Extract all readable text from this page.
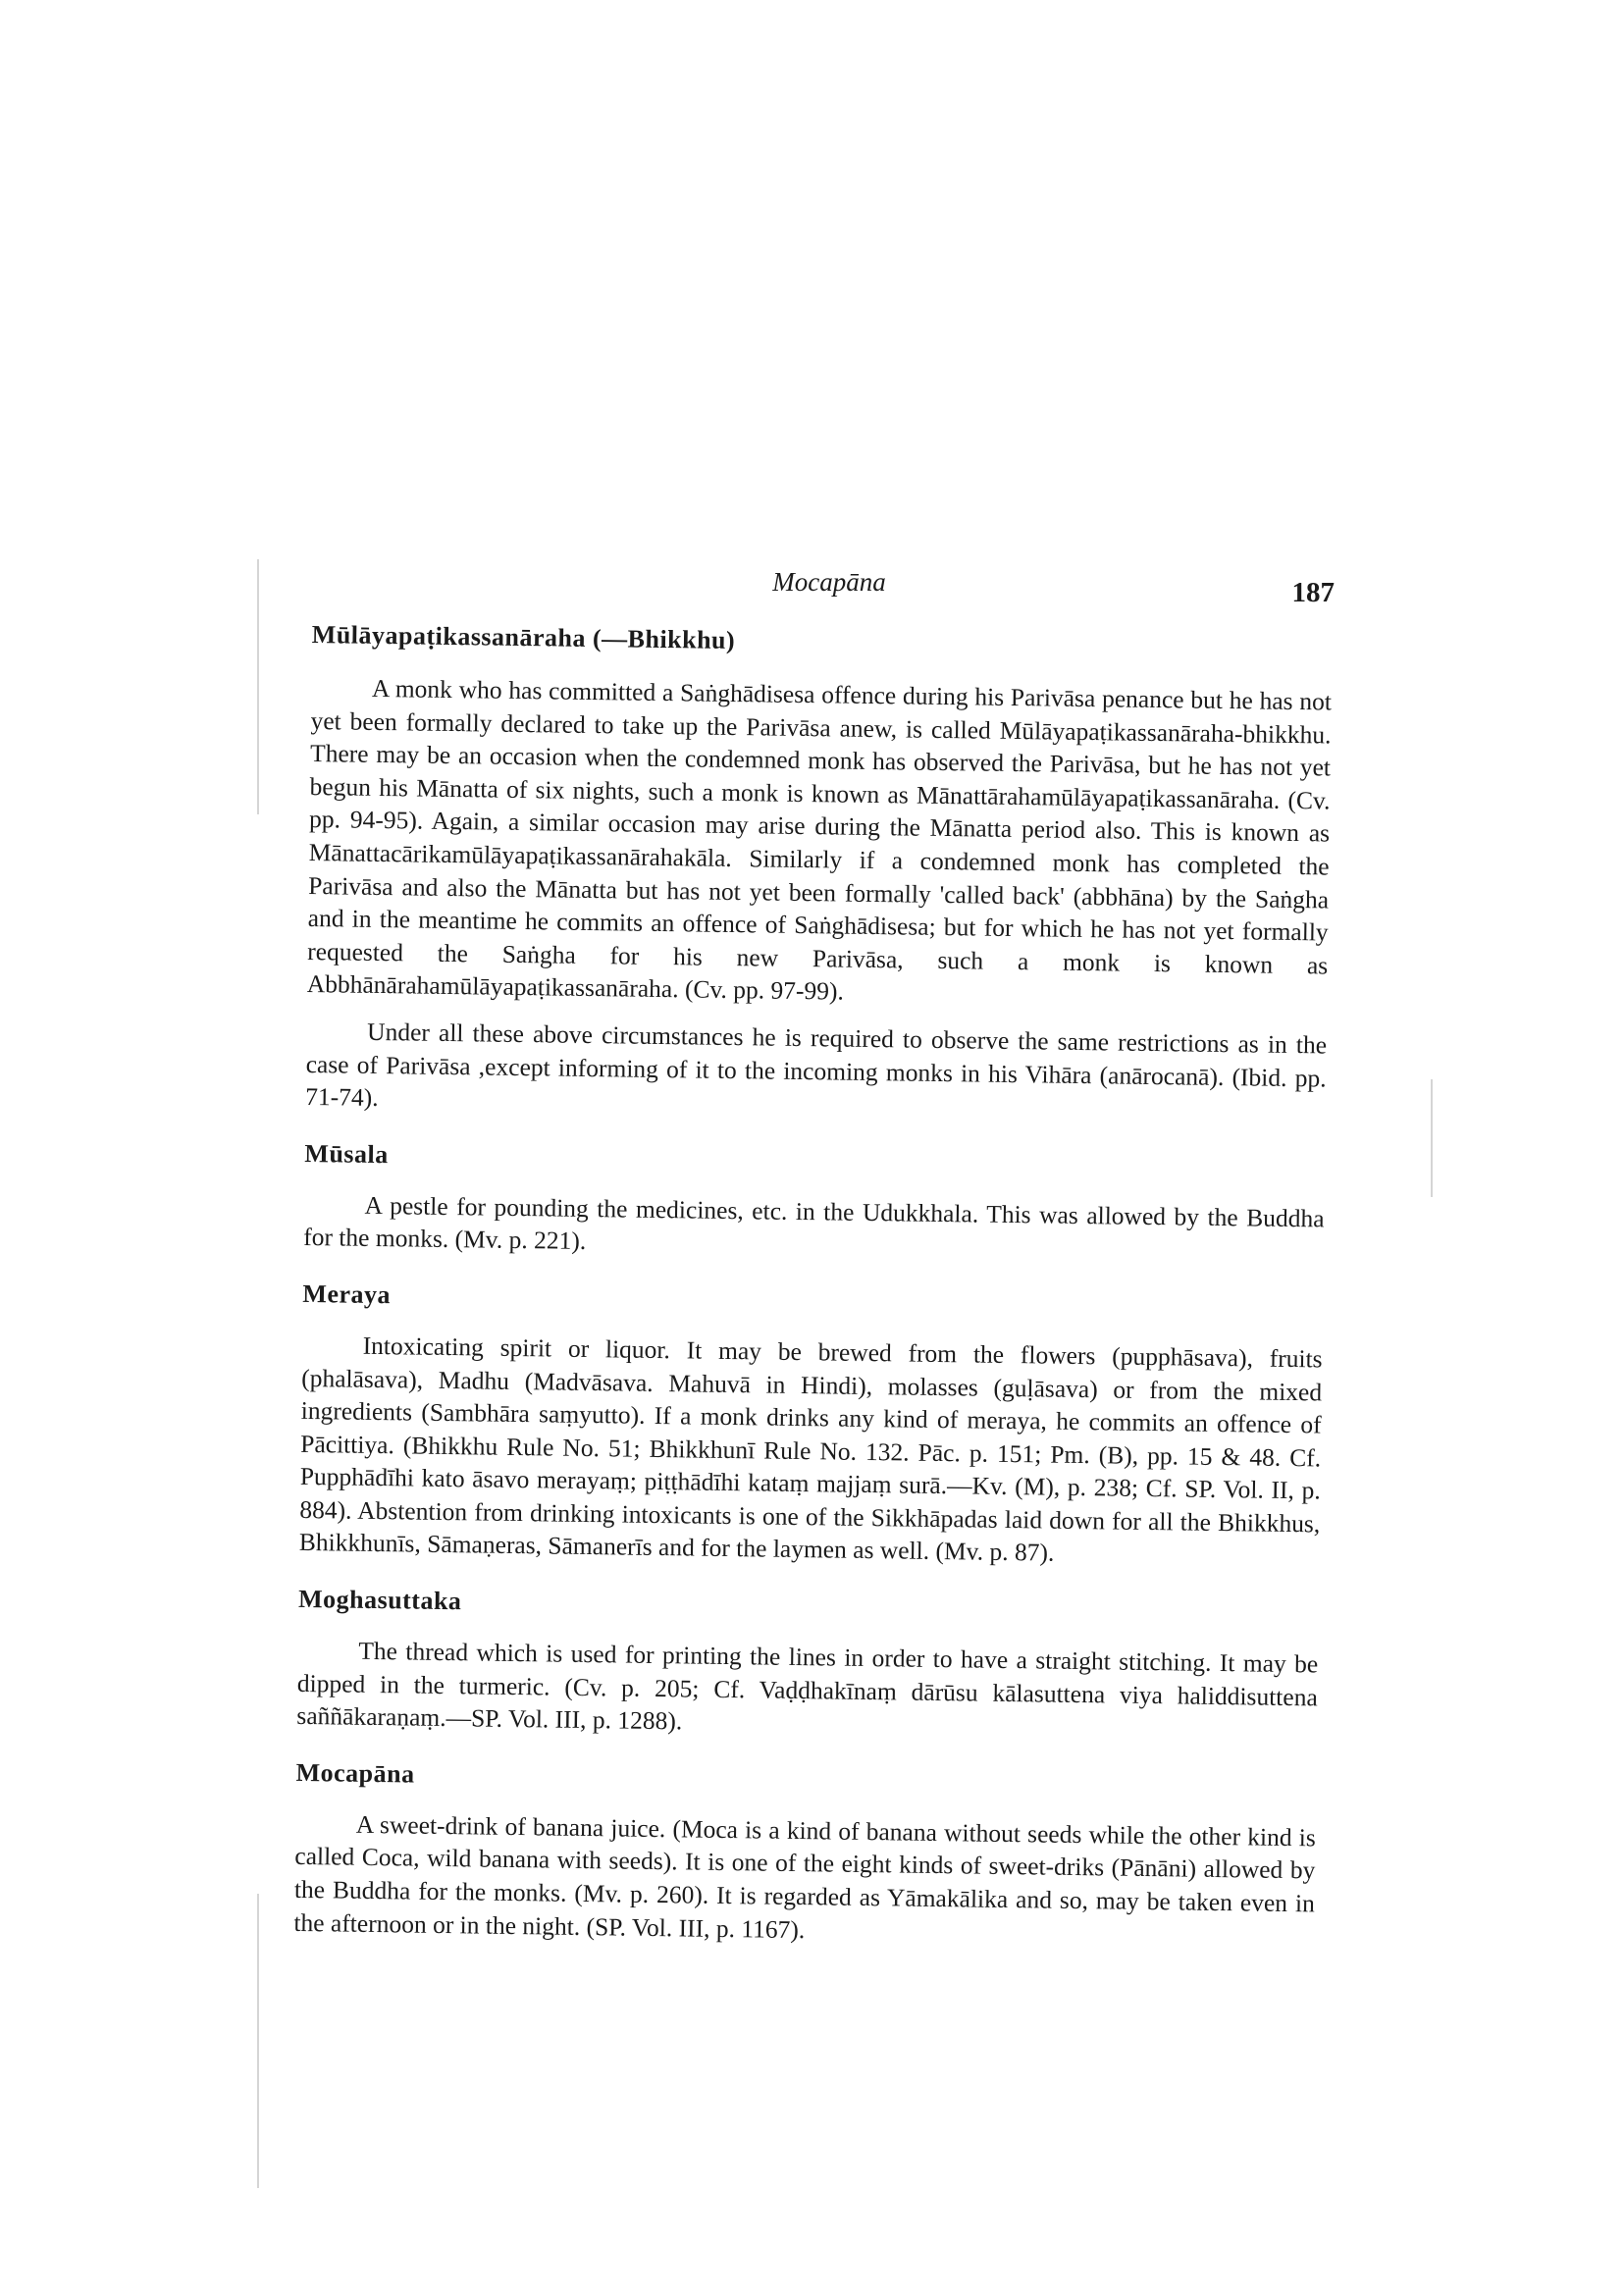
Mocapāna	187
Mūlāyapaṭikassanāraha (—Bhikkhu)

A monk who has committed a Saṅghādisesa offence during his Parivāsa penance but he has not yet been formally declared to take up the Parivāsa anew, is called Mūlāyapaṭikassanāraha-bhikkhu. There may be an occasion when the condemned monk has observed the Parivāsa, but he has not yet begun his Mānatta of six nights, such a monk is known as Mānattārahamūlāyapaṭikassanāraha. (Cv. pp. 94-95). Again, a similar occasion may arise during the Mānatta period also. This is known as Mānattacārikamūlāyapaṭikassanārahakāla. Similarly if a condemned monk has completed the Parivāsa and also the Mānatta but has not yet been formally 'called back' (abbhāna) by the Saṅgha and in the meantime he commits an offence of Saṅghādisesa; but for which he has not yet formally requested the Saṅgha for his new Parivāsa, such a monk is known as Abbhānārahamūlāyapaṭikassanāraha. (Cv. pp. 97-99).

Under all these above circumstances he is required to observe the same restrictions as in the case of Parivāsa ,except informing of it to the incoming monks in his Vihāra (anārocanā). (Ibid. pp. 71-74).

Mūsala

A pestle for pounding the medicines, etc. in the Udukkhala. This was allowed by the Buddha for the monks. (Mv. p. 221).

Meraya

Intoxicating spirit or liquor. It may be brewed from the flowers (pupphāsava), fruits (phalāsava), Madhu (Madvāsava. Mahuvā in Hindi), molasses (guḷāsava) or from the mixed ingredients (Sambhāra saṃyutto). If a monk drinks any kind of meraya, he commits an offence of Pācittiya. (Bhikkhu Rule No. 51; Bhikkhunī Rule No. 132. Pāc. p. 151; Pm. (B), pp. 15 & 48. Cf. Pupphādīhi kato āsavo merayaṃ; piṭṭhādīhi kataṃ majjaṃ surā.—Kv. (M), p. 238; Cf. SP. Vol. II, p. 884). Abstention from drinking intoxicants is one of the Sikkhāpadas laid down for all the Bhikkhus, Bhikkhunīs, Sāmaṇeras, Sāmanerīs and for the laymen as well. (Mv. p. 87).

Moghasuttaka

The thread which is used for printing the lines in order to have a straight stitching. It may be dipped in the turmeric. (Cv. p. 205; Cf. Vaḍḍhakīnaṃ dārūsu kālasuttena viya haliddisuttena saññākaraṇaṃ.—SP. Vol. III, p. 1288).

Mocapāna

A sweet-drink of banana juice. (Moca is a kind of banana without seeds while the other kind is called Coca, wild banana with seeds). It is one of the eight kinds of sweet-driks (Pānāni) allowed by the Buddha for the monks. (Mv. p. 260). It is regarded as Yāmakālika and so, may be taken even in the afternoon or in the night. (SP. Vol. III, p. 1167).
